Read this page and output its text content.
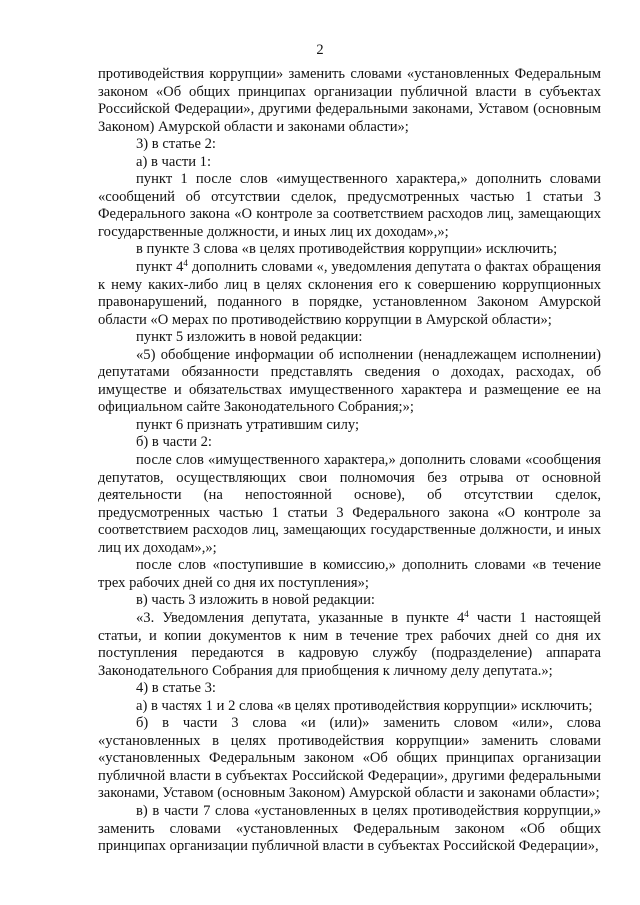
2

противодействия коррупции» заменить словами «установленных Федеральным законом «Об общих принципах организации публичной власти в субъектах Российской Федерации», другими федеральными законами, Уставом (основным Законом) Амурской области и законами области»;

3) в статье 2:

а) в части 1:

пункт 1 после слов «имущественного характера,» дополнить словами «сообщений об отсутствии сделок, предусмотренных частью 1 статьи 3 Федерального закона «О контроле за соответствием расходов лиц, замещающих государственные должности, и иных лиц их доходам»,»;

в пункте 3 слова «в целях противодействия коррупции» исключить;

пункт $4^4$ дополнить словами «, уведомления депутата о фактах обращения к нему каких-либо лиц в целях склонения его к совершению коррупционных правонарушений, поданного в порядке, установленном Законом Амурской области «О мерах по противодействию коррупции в Амурской области»;

пункт 5 изложить в новой редакции:

«5) обобщение информации об исполнении (ненадлежащем исполнении) депутатами обязанности представлять сведения о доходах, расходах, об имуществе и обязательствах имущественного характера и размещение ее на официальном сайте Законодательного Собрания;»;

пункт 6 признать утратившим силу;

б) в части 2:

после слов «имущественного характера,» дополнить словами «сообщения депутатов, осуществляющих свои полномочия без отрыва от основной деятельности (на непостоянной основе), об отсутствии сделок, предусмотренных частью 1 статьи 3 Федерального закона «О контроле за соответствием расходов лиц, замещающих государственные должности, и иных лиц их доходам»,»;

после слов «поступившие в комиссию,» дополнить словами «в течение трех рабочих дней со дня их поступления»;

в) часть 3 изложить в новой редакции:

«3. Уведомления депутата, указанные в пункте $4^4$ части 1 настоящей статьи, и копии документов к ним в течение трех рабочих дней со дня их поступления передаются в кадровую службу (подразделение) аппарата Законодательного Собрания для приобщения к личному делу депутата.»;

4) в статье 3:

а) в частях 1 и 2 слова «в целях противодействия коррупции» исключить;

б) в части 3 слова «и (или)» заменить словом «или», слова «установленных в целях противодействия коррупции» заменить словами «установленных Федеральным законом «Об общих принципах организации публичной власти в субъектах Российской Федерации», другими федеральными законами, Уставом (основным Законом) Амурской области и законами области»;

в) в части 7 слова «установленных в целях противодействия коррупции,» заменить словами «установленных Федеральным законом «Об общих принципах организации публичной власти в субъектах Российской Федерации»,
